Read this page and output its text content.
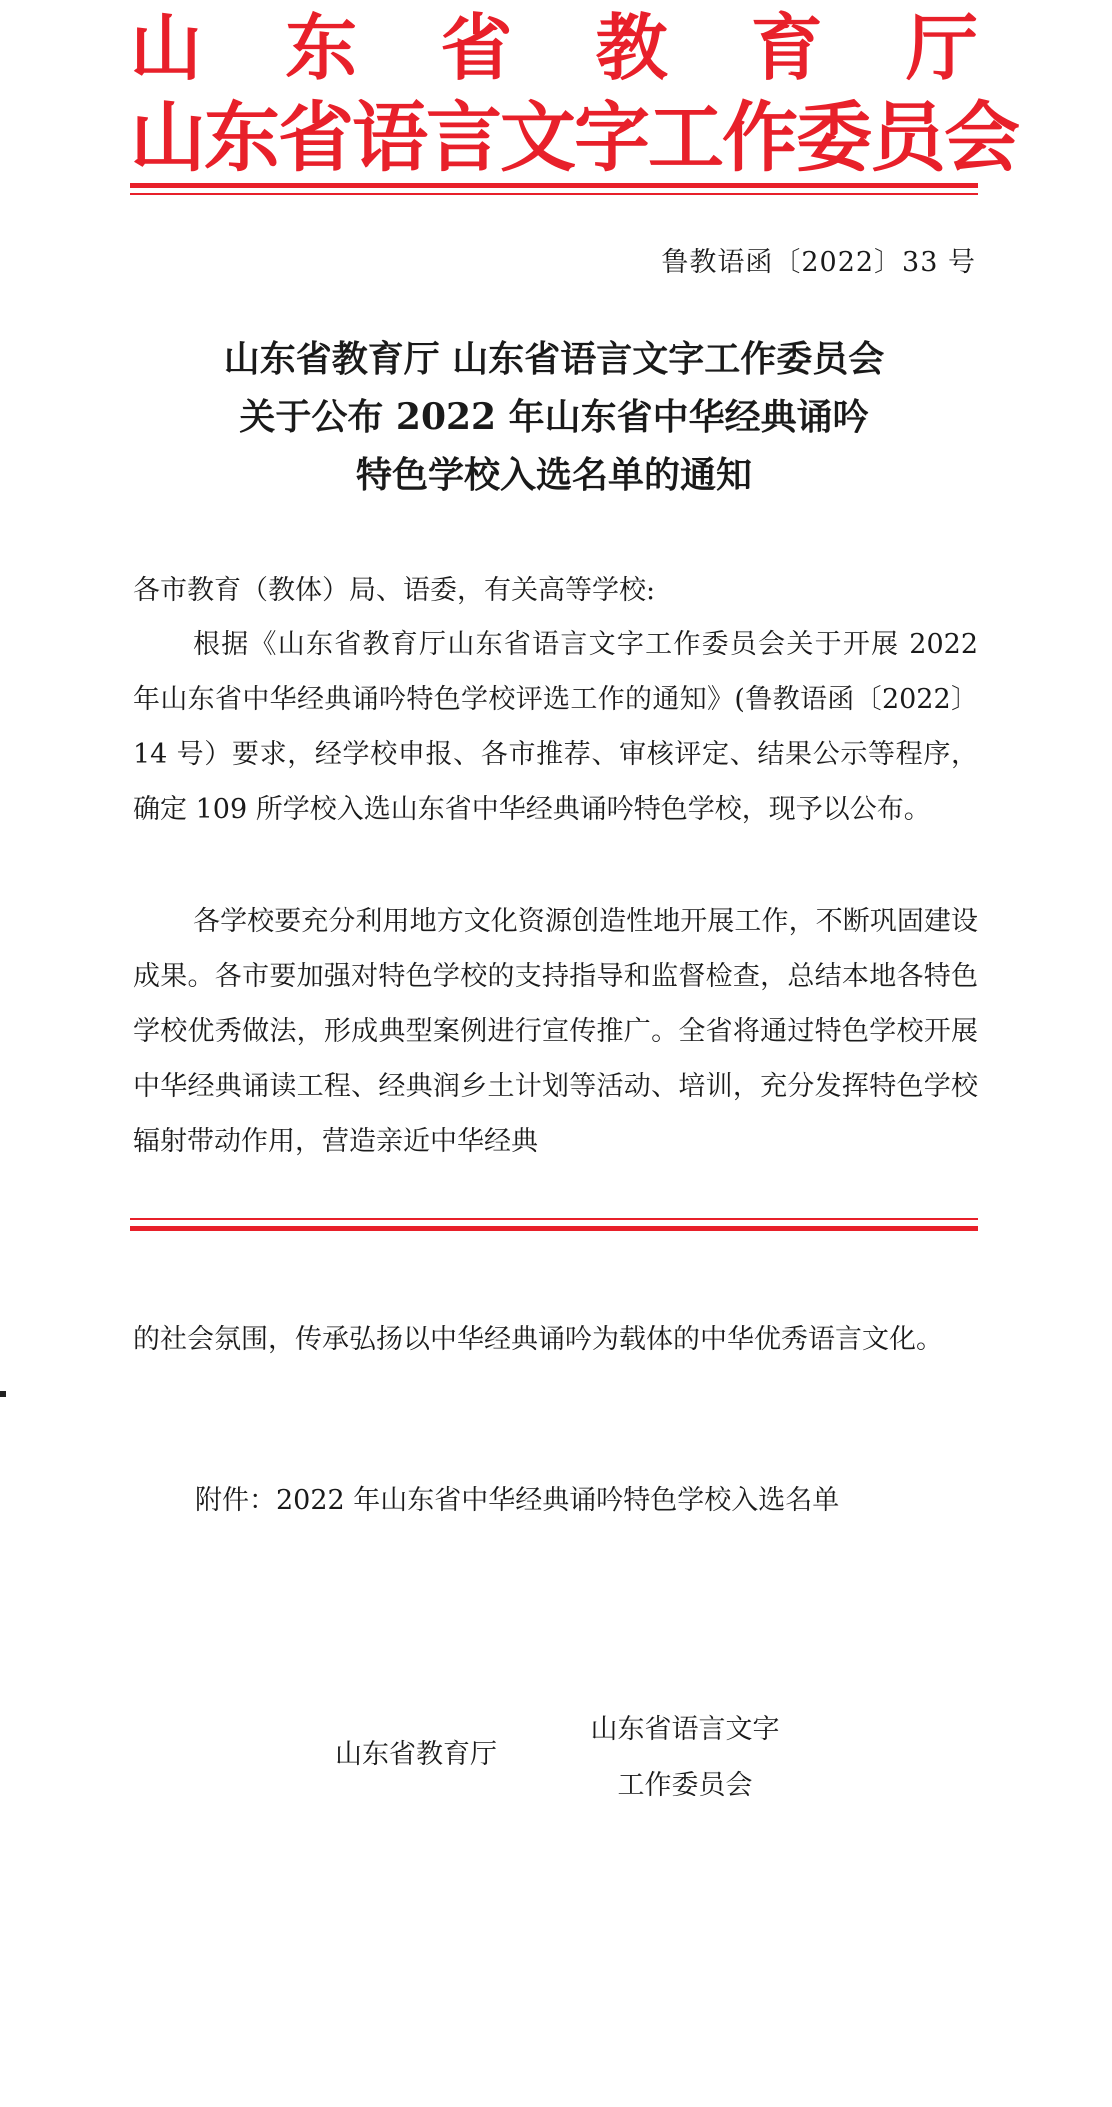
山 东 省 教 育 厅
山东省语言文字工作委员会
鲁教语函〔2022〕33 号
山东省教育厅 山东省语言文字工作委员会
关于公布 2022 年山东省中华经典诵吟
特色学校入选名单的通知
各市教育（教体）局、语委，有关高等学校:
根据《山东省教育厅山东省语言文字工作委员会关于开展 2022 年山东省中华经典诵吟特色学校评选工作的通知》(鲁教语函〔2022〕14 号）要求，经学校申报、各市推荐、审核评定、结果公示等程序，确定 109 所学校入选山东省中华经典诵吟特色学校，现予以公布。
各学校要充分利用地方文化资源创造性地开展工作，不断巩固建设成果。各市要加强对特色学校的支持指导和监督检查，总结本地各特色学校优秀做法，形成典型案例进行宣传推广。全省将通过特色学校开展中华经典诵读工程、经典润乡土计划等活动、培训，充分发挥特色学校辐射带动作用，营造亲近中华经典
的社会氛围，传承弘扬以中华经典诵吟为载体的中华优秀语言文化。
附件：2022 年山东省中华经典诵吟特色学校入选名单
山东省教育厅
山东省语言文字
工作委员会
